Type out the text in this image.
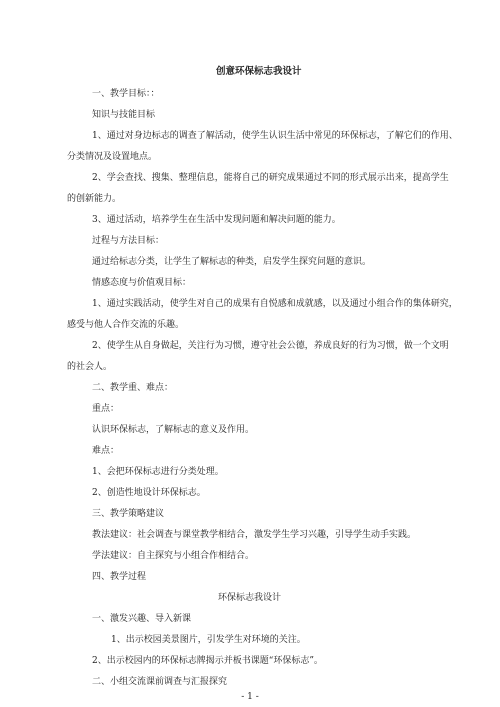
创意环保标志我设计
一、教学目标：：
知识与技能目标
1、通过对身边标志的调查了解活动，使学生认识生活中常见的环保标志，了解它们的作用、
分类情况及设置地点。
2、学会查找、搜集、整理信息，能将自己的研究成果通过不同的形式展示出来，提高学生
的创新能力。
3、通过活动，培养学生在生活中发现问题和解决问题的能力。
过程与方法目标：
通过给标志分类，让学生了解标志的种类，启发学生探究问题的意识。
情感态度与价值观目标：
1、通过实践活动，使学生对自己的成果有自悦感和成就感，以及通过小组合作的集体研究，
感受与他人合作交流的乐趣。
2、使学生从自身做起，关注行为习惯，遵守社会公德，养成良好的行为习惯，做一个文明
的社会人。
二、教学重、难点：
重点：
认识环保标志，了解标志的意义及作用。
难点：
1、会把环保标志进行分类处理。
2、创造性地设计环保标志。
三、教学策略建议
教法建议：社会调查与课堂教学相结合，激发学生学习兴趣，引导学生动手实践。
学法建议：自主探究与小组合作相结合。
四、教学过程
环保标志我设计
一、激发兴趣、导入新课
1、出示校园美景图片，引发学生对环境的关注。
2、出示校园内的环保标志牌揭示并板书课题“环保标志”。
二、小组交流课前调查与汇报探究
- 1 -
